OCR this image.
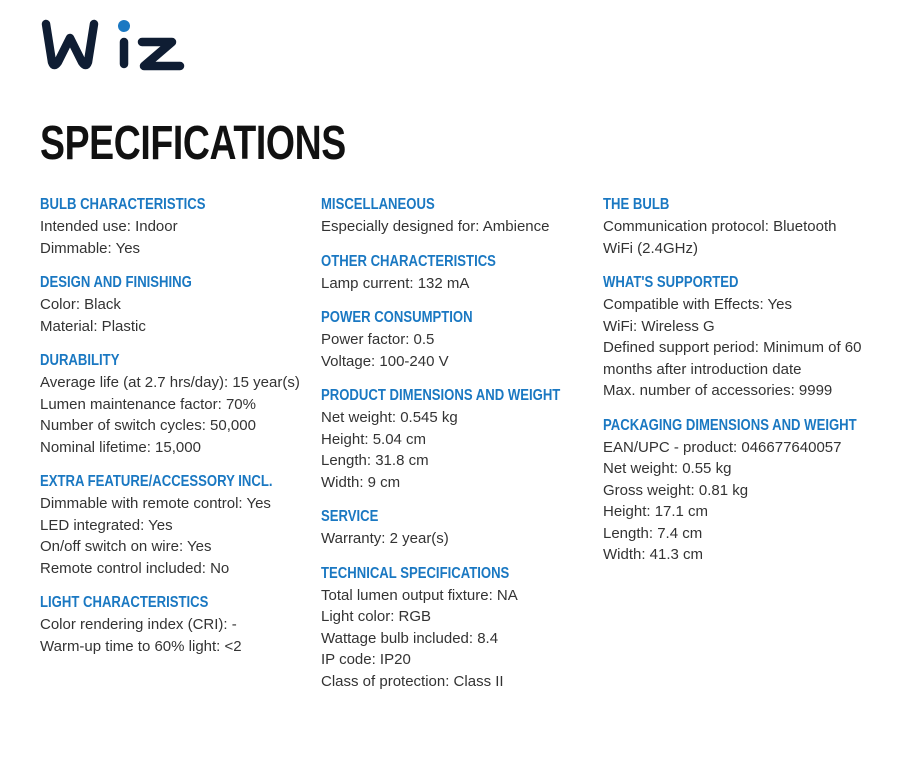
SPECIFICATIONS
BULB CHARACTERISTICS
Intended use: Indoor
Dimmable: Yes
DESIGN AND FINISHING
Color: Black
Material: Plastic
DURABILITY
Average life (at 2.7 hrs/day): 15 year(s)
Lumen maintenance factor: 70%
Number of switch cycles: 50,000
Nominal lifetime: 15,000
EXTRA FEATURE/ACCESSORY INCL.
Dimmable with remote control: Yes
LED integrated: Yes
On/off switch on wire: Yes
Remote control included: No
LIGHT CHARACTERISTICS
Color rendering index (CRI): -
Warm-up time to 60% light: <2
MISCELLANEOUS
Especially designed for: Ambience
OTHER CHARACTERISTICS
Lamp current: 132 mA
POWER CONSUMPTION
Power factor: 0.5
Voltage: 100-240 V
PRODUCT DIMENSIONS AND WEIGHT
Net weight: 0.545 kg
Height: 5.04 cm
Length: 31.8 cm
Width: 9 cm
SERVICE
Warranty: 2 year(s)
TECHNICAL SPECIFICATIONS
Total lumen output fixture: NA
Light color: RGB
Wattage bulb included: 8.4
IP code: IP20
Class of protection: Class II
THE BULB
Communication protocol: Bluetooth WiFi (2.4GHz)
WHAT'S SUPPORTED
Compatible with Effects: Yes
WiFi: Wireless G
Defined support period: Minimum of 60 months after introduction date
Max. number of accessories: 9999
PACKAGING DIMENSIONS AND WEIGHT
EAN/UPC - product: 046677640057
Net weight: 0.55 kg
Gross weight: 0.81 kg
Height: 17.1 cm
Length: 7.4 cm
Width: 41.3 cm
